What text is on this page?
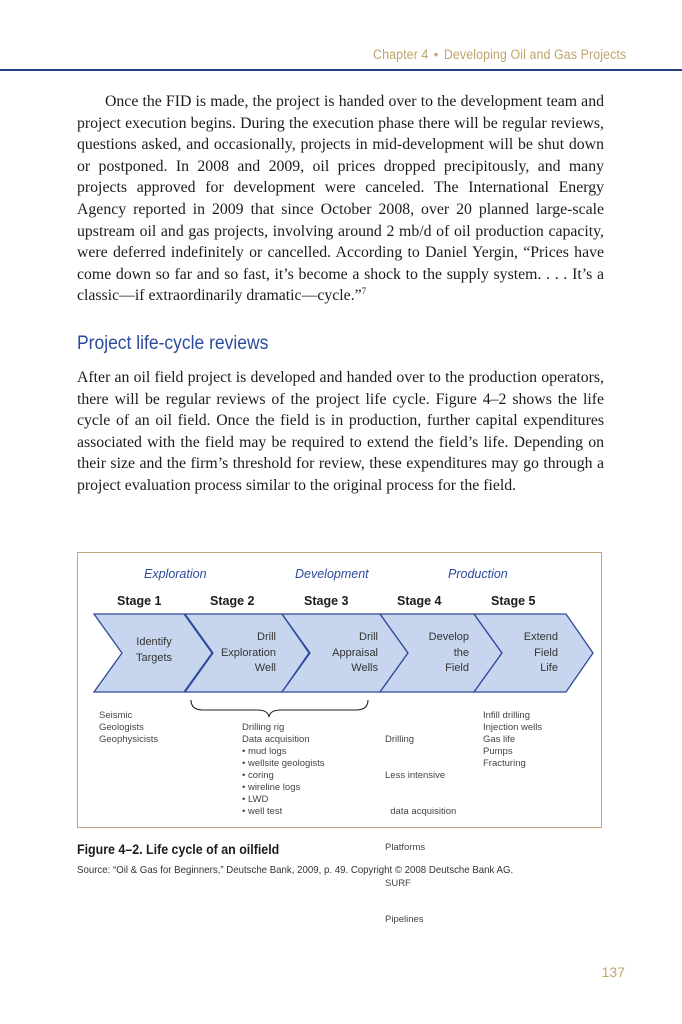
Chapter 4 • Developing Oil and Gas Projects

Once the FID is made, the project is handed over to the development team and project execution begins. During the execution phase there will be regular reviews, questions asked, and occasionally, projects in mid-development will be shut down or postponed. In 2008 and 2009, oil prices dropped precipitously, and many projects approved for development were canceled. The International Energy Agency reported in 2009 that since October 2008, over 20 planned large-scale upstream oil and gas projects, involving around 2 mb/d of oil production capacity, were deferred indefinitely or cancelled. According to Daniel Yergin, “Prices have come down so far and so fast, it’s become a shock to the supply system. . . . It’s a classic—if extraordinarily dramatic—cycle.”$^7$

Project life-cycle reviews

After an oil field project is developed and handed over to the production operators, there will be regular reviews of the project life cycle. Figure 4–2 shows the life cycle of an oil field. Once the field is in production, further capital expenditures associated with the field may be required to extend the field’s life. Depending on their size and the firm’s threshold for review, these expenditures may go through a project evaluation process similar to the original process for the field.

Exploration	Development	Production
Stage 1	Stage 2	Stage 3	Stage 4	Stage 5
Identify
Targets
Drill
Exploration
Well
Drill
Appraisal
Wells
Develop
the
Field
Extend
Field
Life
Seismic
Geologists
Geophysicists
Drilling rig
Data acquisition
• mud logs
• wellsite geologists
• coring
• wireline logs
• LWD
• well test

Drilling

Less intensive

data acquisition

Platforms

SURF

Pipelines

Infill drilling
Injection wells
Gas life
Pumps
Fracturing
Figure 4–2. Life cycle of an oilfield
Source: “Oil & Gas for Beginners,” Deutsche Bank, 2009, p. 49. Copyright © 2008 Deutsche Bank AG.
137
